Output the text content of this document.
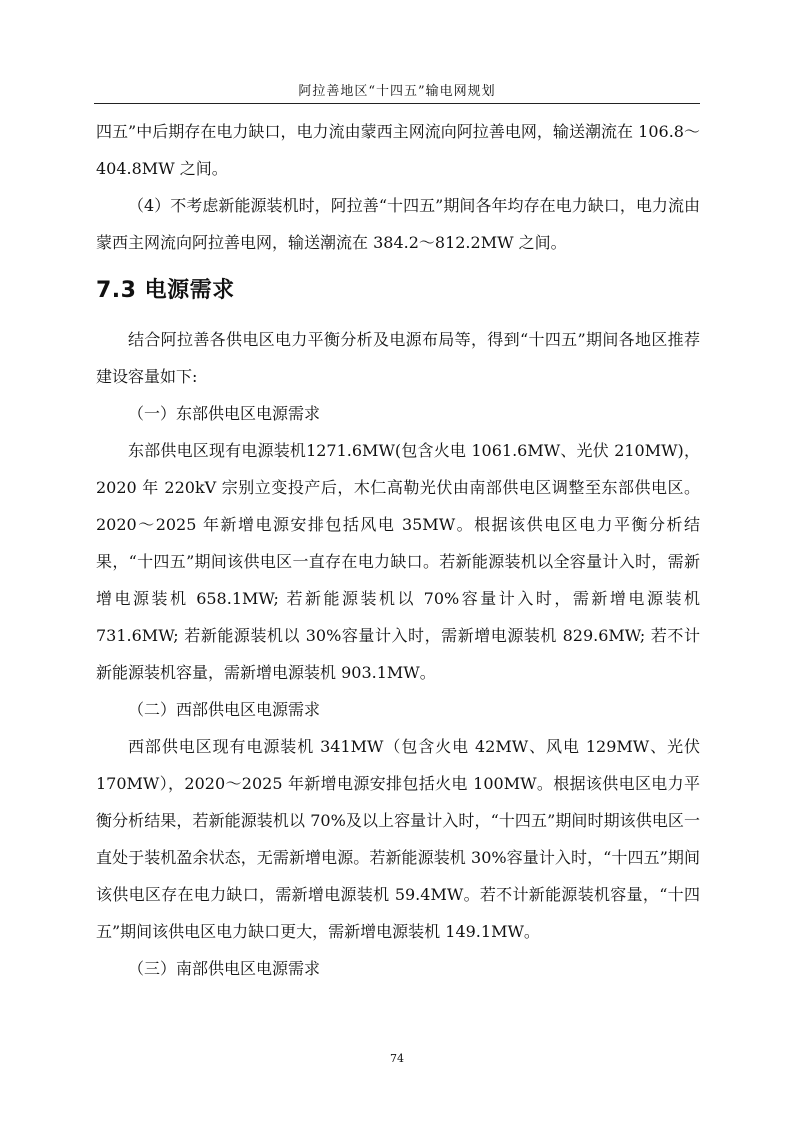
阿拉善地区“十四五”输电网规划

四五”中后期存在电力缺口，电力流由蒙西主网流向阿拉善电网，输送潮流在 106.8～404.8MW 之间。

（4）不考虑新能源装机时，阿拉善“十四五”期间各年均存在电力缺口，电力流由蒙西主网流向阿拉善电网，输送潮流在 384.2～812.2MW 之间。

7.3 电源需求

结合阿拉善各供电区电力平衡分析及电源布局等，得到“十四五”期间各地区推荐建设容量如下:

（一）东部供电区电源需求

东部供电区现有电源装机1271.6MW(包含火电 1061.6MW、光伏 210MW)，2020 年 220kV 宗别立变投产后，木仁高勒光伏由南部供电区调整至东部供电区。2020～2025 年新增电源安排包括风电 35MW。根据该供电区电力平衡分析结果，“十四五”期间该供电区一直存在电力缺口。若新能源装机以全容量计入时，需新增电源装机 658.1MW; 若新能源装机以 70%容量计入时，需新增电源装机 731.6MW; 若新能源装机以 30%容量计入时，需新增电源装机 829.6MW; 若不计新能源装机容量，需新增电源装机 903.1MW。

（二）西部供电区电源需求

西部供电区现有电源装机 341MW（包含火电 42MW、风电 129MW、光伏170MW），2020～2025 年新增电源安排包括火电 100MW。根据该供电区电力平衡分析结果，若新能源装机以 70%及以上容量计入时，“十四五”期间时期该供电区一直处于装机盈余状态，无需新增电源。若新能源装机 30%容量计入时，“十四五”期间该供电区存在电力缺口，需新增电源装机 59.4MW。若不计新能源装机容量，“十四五”期间该供电区电力缺口更大，需新增电源装机 149.1MW。

（三）南部供电区电源需求

74
